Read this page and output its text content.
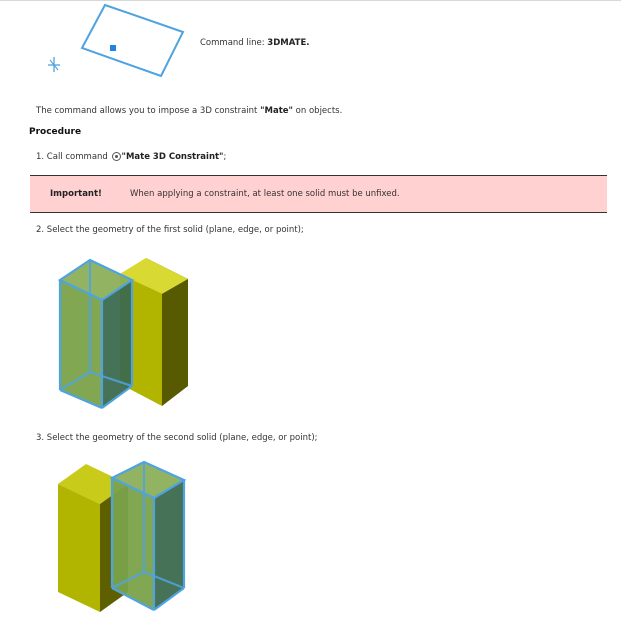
Command line: 3DMATE.
The command allows you to impose a 3D constraint "Mate" on objects.
Procedure
1. Call command "Mate 3D Constraint";
Important!	When applying a constraint, at least one solid must be unfixed.
2. Select the geometry of the first solid (plane, edge, or point);
3. Select the geometry of the second solid (plane, edge, or point);
